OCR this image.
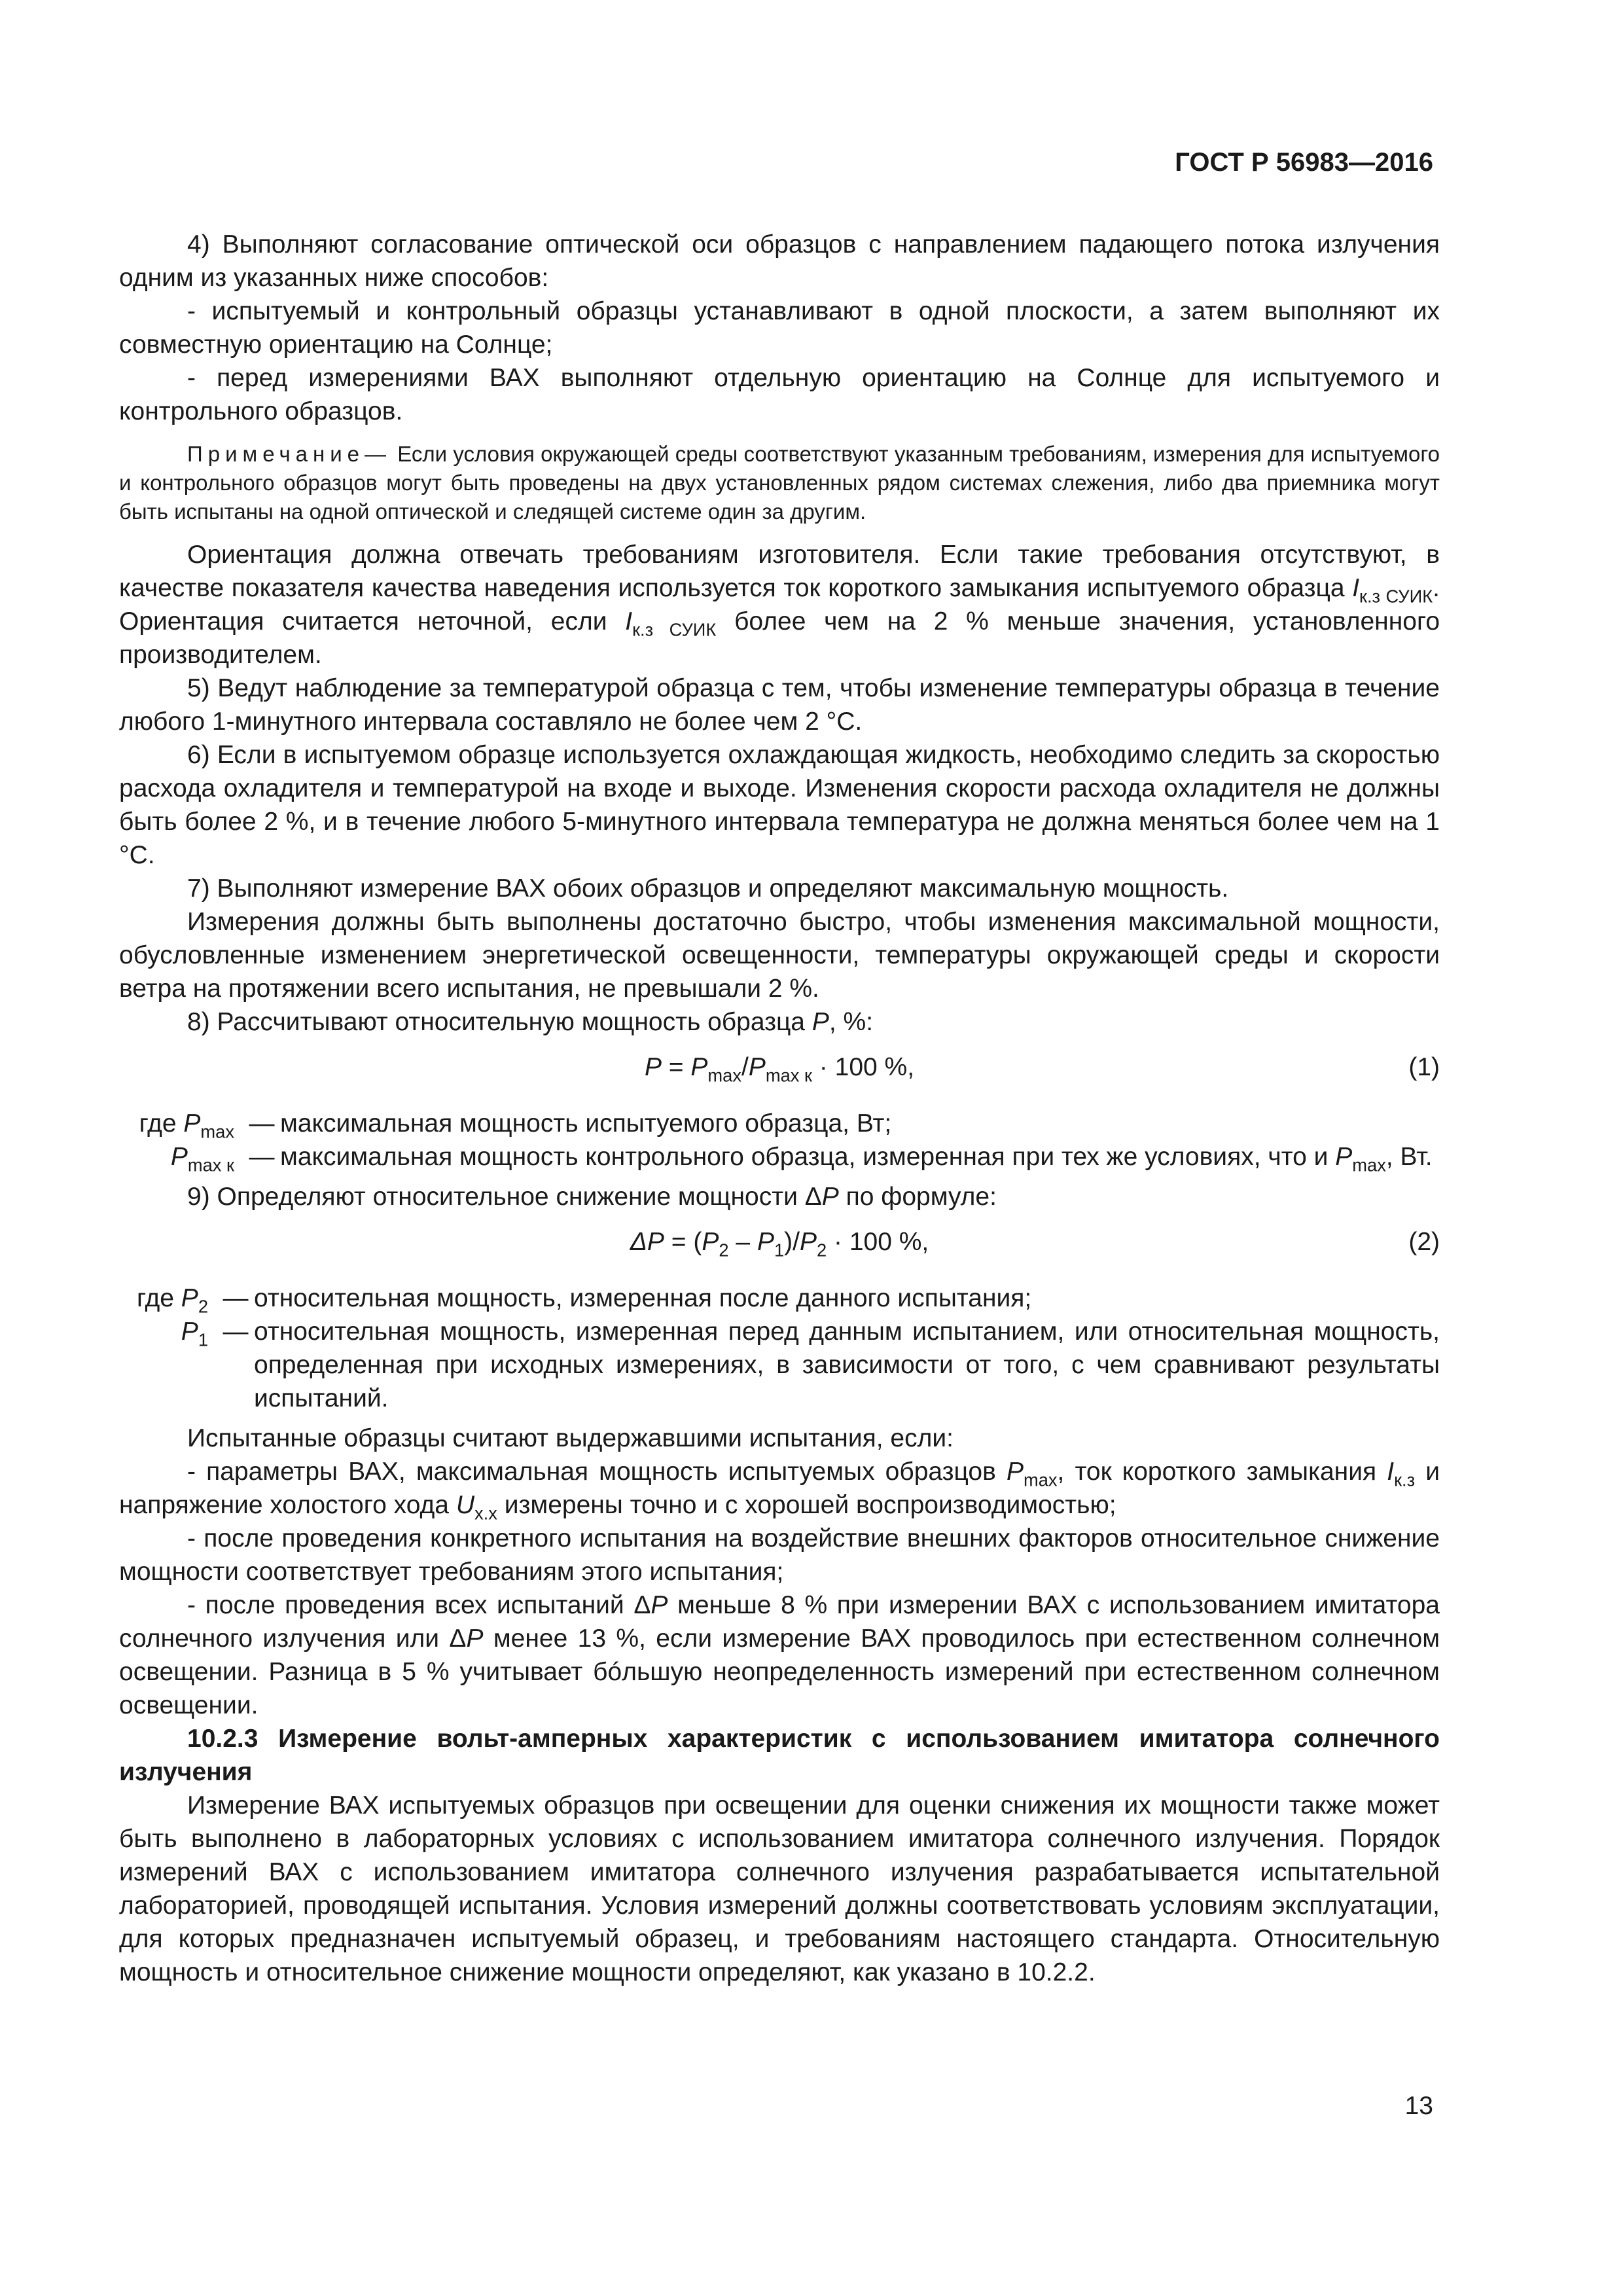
ГОСТ Р 56983—2016

4) Выполняют согласование оптической оси образцов с направлением падающего потока излучения одним из указанных ниже способов:

- испытуемый и контрольный образцы устанавливают в одной плоскости, а затем выполняют их совместную ориентацию на Солнце;

- перед измерениями ВАХ выполняют отдельную ориентацию на Солнце для испытуемого и контрольного образцов.

Примечание— Если условия окружающей среды соответствуют указанным требованиям, измерения для испытуемого и контрольного образцов могут быть проведены на двух установленных рядом системах слежения, либо два приемника могут быть испытаны на одной оптической и следящей системе один за другим.

Ориентация должна отвечать требованиям изготовителя. Если такие требования отсутствуют, в качестве показателя качества наведения используется ток короткого замыкания испытуемого образца $I_{к.з СУИК}$. Ориентация считается неточной, если $I_{к.з СУИК}$ более чем на 2 % меньше значения, установленного производителем.

5) Ведут наблюдение за температурой образца с тем, чтобы изменение температуры образца в течение любого 1-минутного интервала составляло не более чем 2 °С.

6) Если в испытуемом образце используется охлаждающая жидкость, необходимо следить за скоростью расхода охладителя и температурой на входе и выходе. Изменения скорости расхода охладителя не должны быть более 2 %, и в течение любого 5-минутного интервала температура не должна меняться более чем на 1 °С.

7) Выполняют измерение ВАХ обоих образцов и определяют максимальную мощность.

Измерения должны быть выполнены достаточно быстро, чтобы изменения максимальной мощности, обусловленные изменением энергетической освещенности, температуры окружающей среды и скорости ветра на протяжении всего испытания, не превышали 2 %.

8) Рассчитывают относительную мощность образца P, %:

$P = P_{max}/P_{max к} \cdot 100$ %,	(1)
где $P_{max}$ — максимальная мощность испытуемого образца, Вт;
$P_{max к}$ — максимальная мощность контрольного образца, измеренная при тех же условиях, что и $P_{max}$, Вт.

9) Определяют относительное снижение мощности ΔP по формуле:

$\Delta P = (P_2 - P_1)/P_2 \cdot 100$ %,	(2)
где $P_2$ — относительная мощность, измеренная после данного испытания;
$P_1$ — относительная мощность, измеренная перед данным испытанием, или относительная мощность, определенная при исходных измерениях, в зависимости от того, с чем сравнивают результаты испытаний.

Испытанные образцы считают выдержавшими испытания, если:

- параметры ВАХ, максимальная мощность испытуемых образцов $P_{max}$, ток короткого замыкания $I_{к.з}$ и напряжение холостого хода $U_{х.х}$ измерены точно и с хорошей воспроизводимостью;

- после проведения конкретного испытания на воздействие внешних факторов относительное снижение мощности соответствует требованиям этого испытания;

- после проведения всех испытаний ΔP меньше 8 % при измерении ВАХ с использованием имитатора солнечного излучения или ΔP менее 13 %, если измерение ВАХ проводилось при естественном солнечном освещении. Разница в 5 % учитывает бóльшую неопределенность измерений при естественном солнечном освещении.

10.2.3 Измерение вольт-амперных характеристик с использованием имитатора солнечного излучения

Измерение ВАХ испытуемых образцов при освещении для оценки снижения их мощности также может быть выполнено в лабораторных условиях с использованием имитатора солнечного излучения. Порядок измерений ВАХ с использованием имитатора солнечного излучения разрабатывается испытательной лабораторией, проводящей испытания. Условия измерений должны соответствовать условиям эксплуатации, для которых предназначен испытуемый образец, и требованиям настоящего стандарта. Относительную мощность и относительное снижение мощности определяют, как указано в 10.2.2.

13
